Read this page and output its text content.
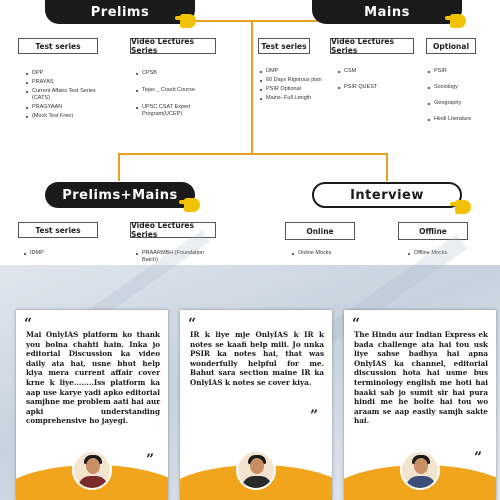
Prelims
Test series
DPP
PRAYAS
Current Affairs Test Series (CATS)
PRAGYAAN
(Mock Test Free)
Video Lectures Series
CPSB
Tejas _ Crash Course
UPSC CSAT Expert Program(UCEP)
Mains
Test series
DMP
60 Days Rigorous plan
PSIR Optional
Mains- Full Length
Video Lectures Series
CSM
PSIR QUEST
Optional
PSIR
Sociology
Geography
Hindi Literature
Prelims+Mains
Test series
IDMP
Video Lectures Series
PRAARMBH (Foundation Batch)
Interview
Online
Online Mocks
Offline
Offline Mocks
“
Mai OnlyIAS platform ko thank you bolna chahti hain. Inka jo editorial Discussion ka video daily ata hai, usne bhut help kiya mera current affair cover krne k liye........Iss platform ka aap use karye yadi apko editorial samjhne me problem aati hai aur apki understanding comprehensive ho jayegi.
”
“
IR k liye mje OnlyIAS k IR k notes se kaafi help mili. Jo unka PSIR ka notes hai, that was wonderfully helpful for me. Bahut sara section maine IR ka OnlyIAS k notes se cover kiya.
”
“
The Hindu aur Indian Express ek bada challenge ata hai tou usk liye sabse badhya hai apna OnlyIAS ka channel, editorial discussion hota hai usme bus terminology english me hoti hai baaki sab jo sumit sir hai pura hindi me he bolte hai tou wo araam se aap easily samjh sakte hai.
”
